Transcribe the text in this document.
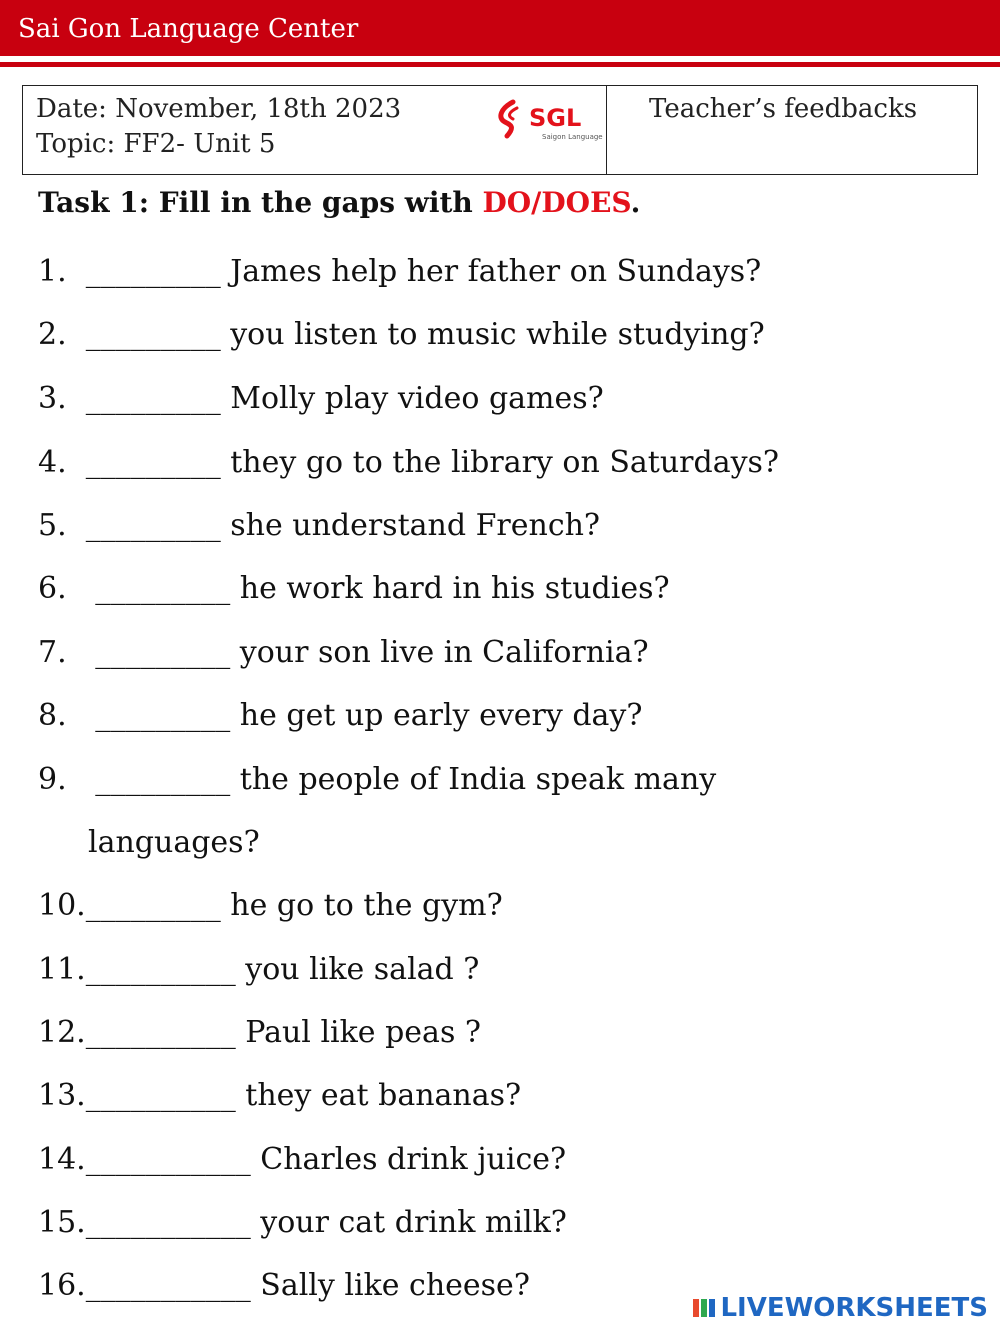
Sai Gon Language Center
Date: November, 18th 2023
Topic: FF2- Unit 5
SGL
Saigon Language
Teacher’s feedbacks
Task 1: Fill in the gaps with DO/DOES.
1.  _________ James help her father on Sundays?
2.  _________ you listen to music while studying?
3.  _________ Molly play video games?
4.  _________ they go to the library on Saturdays?
5.  _________ she understand French?
6.   _________ he work hard in his studies?
7.   _________ your son live in California?
8.   _________ he get up early every day?
9.   _________ the people of India speak many
10._________ he go to the gym?
11.__________ you like salad ?
12.__________ Paul like peas ?
13.__________ they eat bananas?
14.___________ Charles drink juice?
15.___________ your cat drink milk?
16.___________ Sally like cheese?
languages?
LIVEWORKSHEETS
